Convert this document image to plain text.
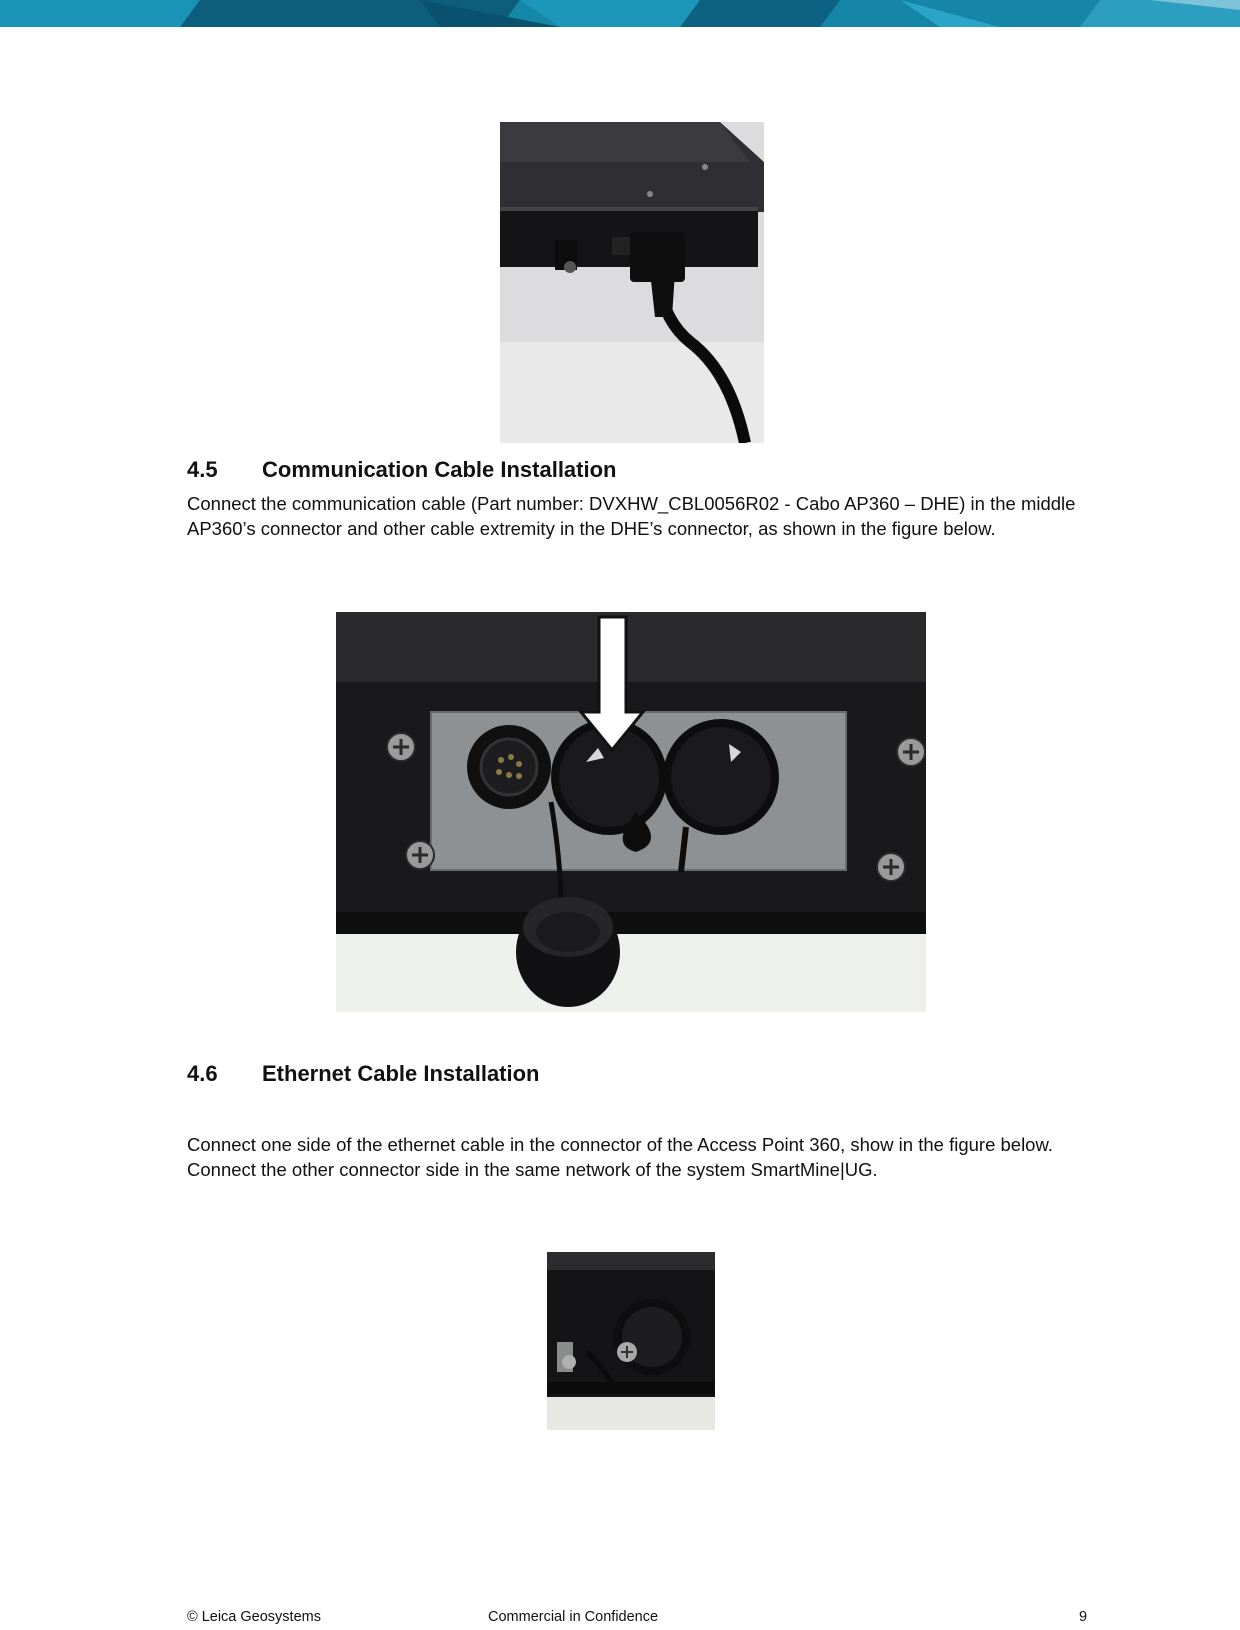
4.5 Communication Cable Installation
Connect the communication cable (Part number: DVXHW_CBL0056R02 - Cabo AP360 – DHE) in the middle AP360’s connector and other cable extremity in the DHE’s connector, as shown in the figure below.
4.6 Ethernet Cable Installation
Connect one side of the ethernet cable in the connector of the Access Point 360, show in the figure below. Connect the other connector side in the same network of the system SmartMine|UG.
© Leica Geosystems	Commercial in Confidence	9
